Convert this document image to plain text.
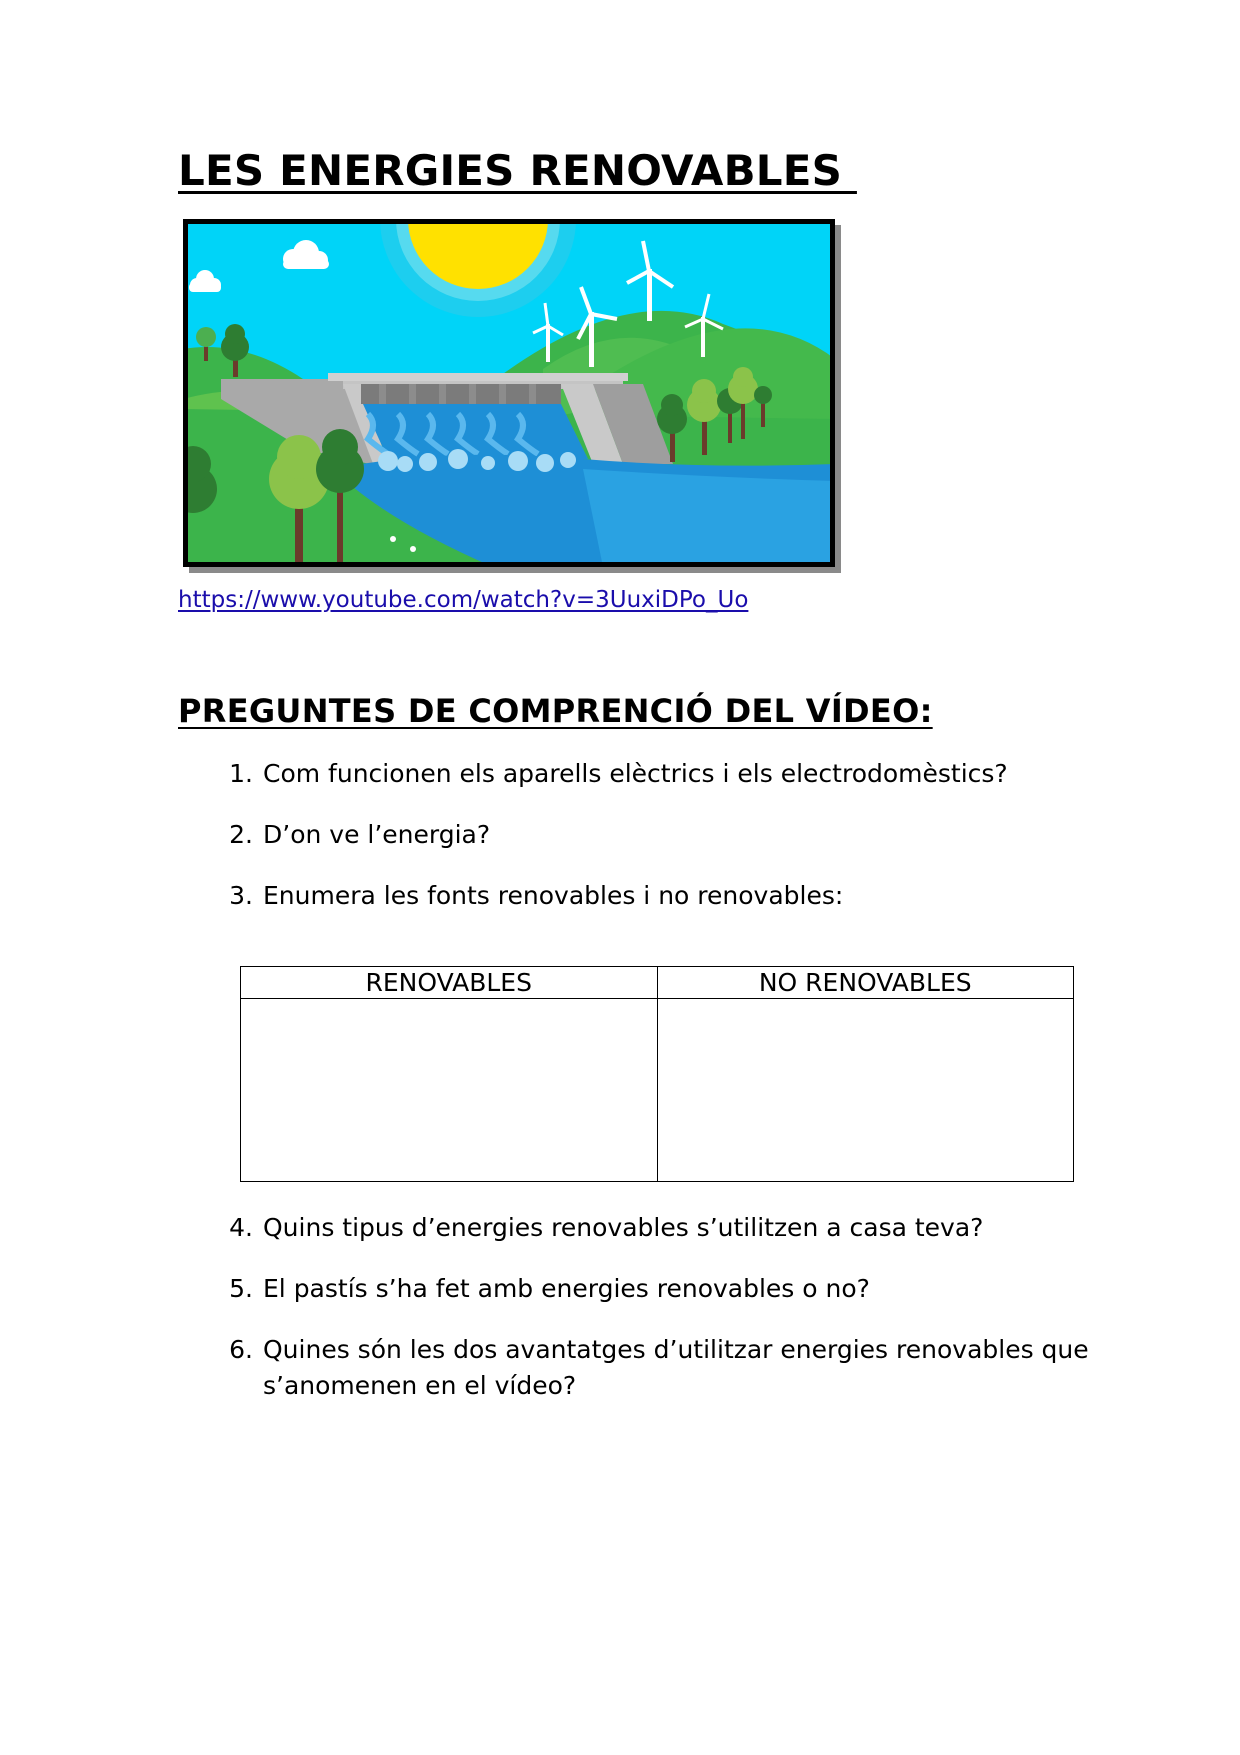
LES ENERGIES RENOVABLES
https://www.youtube.com/watch?v=3UuxiDPo_Uo
PREGUNTES DE COMPRENCIÓ DEL VÍDEO:
1. Com funcionen els aparells elèctrics i els electrodomèstics?
2. D’on ve l’energia?
3. Enumera les fonts renovables i no renovables:
RENOVABLES	NO RENOVABLES

4. Quins tipus d’energies renovables s’utilitzen a casa teva?
5. El pastís s’ha fet amb energies renovables o no?
6. Quines són les dos avantatges d’utilitzar energies renovables que s’anomenen en el vídeo?
